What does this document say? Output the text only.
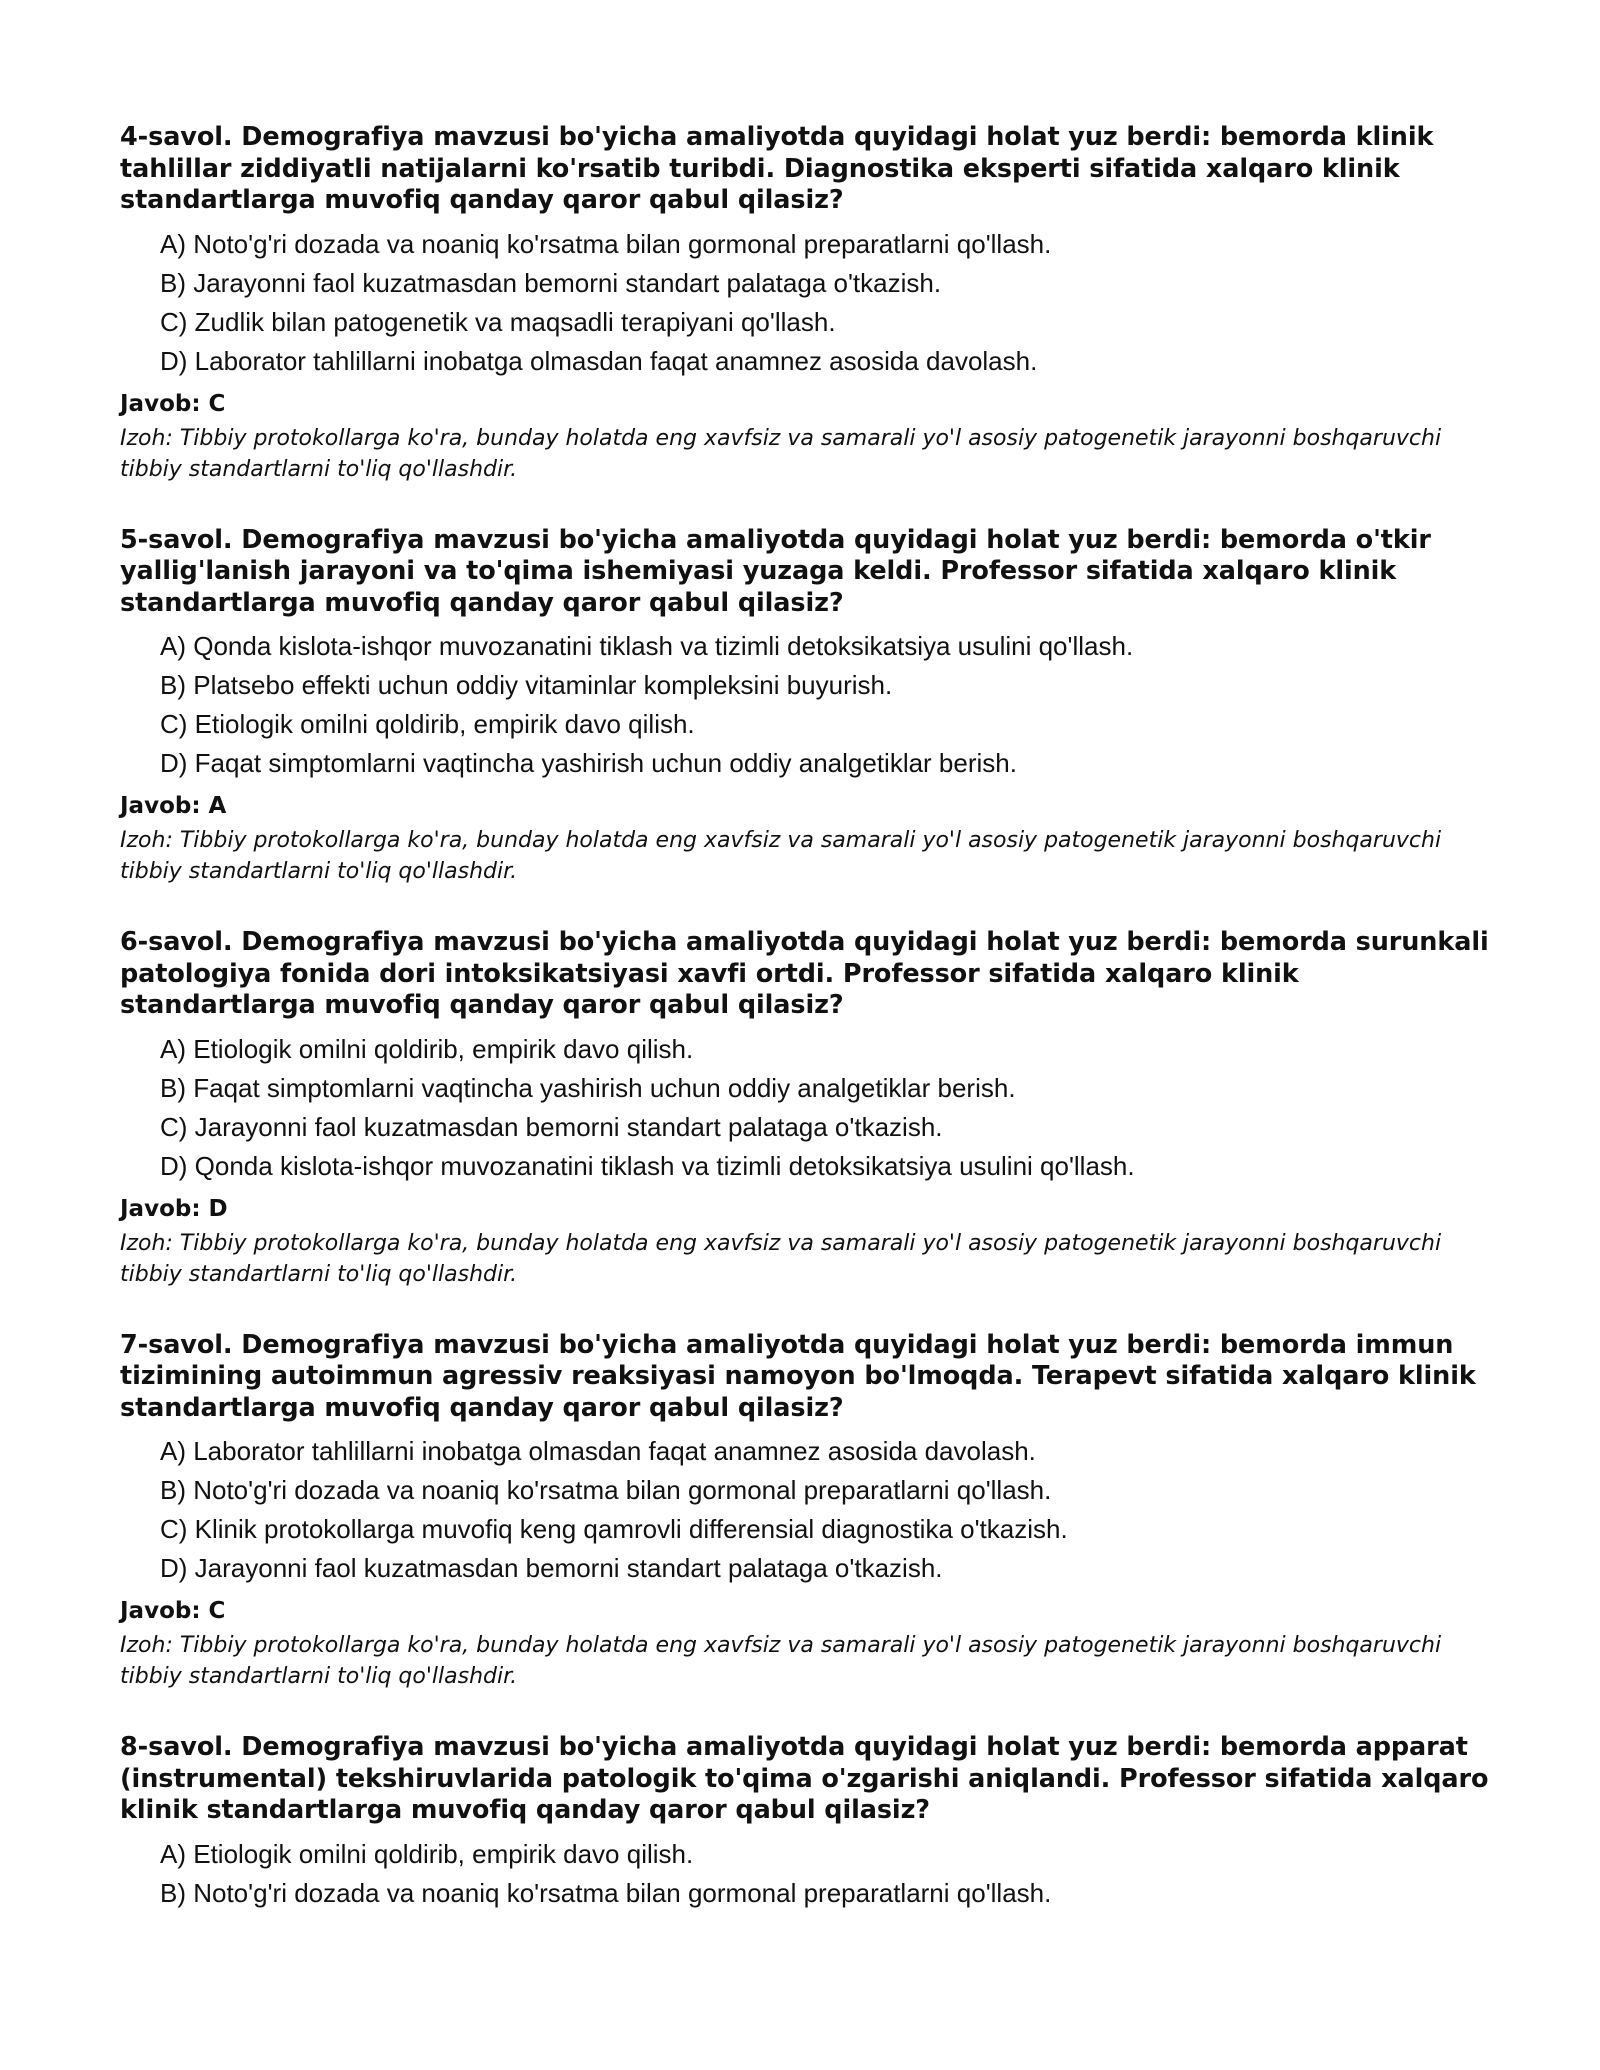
4-savol. Demografiya mavzusi bo'yicha amaliyotda quyidagi holat yuz berdi: bemorda klinik tahlillar ziddiyatli natijalarni ko'rsatib turibdi. Diagnostika eksperti sifatida xalqaro klinik standartlarga muvofiq qanday qaror qabul qilasiz?

A) Noto'g'ri dozada va noaniq ko'rsatma bilan gormonal preparatlarni qo'llash.
B) Jarayonni faol kuzatmasdan bemorni standart palataga o'tkazish.
C) Zudlik bilan patogenetik va maqsadli terapiyani qo'llash.
D) Laborator tahlillarni inobatga olmasdan faqat anamnez asosida davolash.

Javob: C

Izoh: Tibbiy protokollarga ko'ra, bunday holatda eng xavfsiz va samarali yo'l asosiy patogenetik jarayonni boshqaruvchi tibbiy standartlarni to'liq qo'llashdir.

5-savol. Demografiya mavzusi bo'yicha amaliyotda quyidagi holat yuz berdi: bemorda o'tkir yallig'lanish jarayoni va to'qima ishemiyasi yuzaga keldi. Professor sifatida xalqaro klinik standartlarga muvofiq qanday qaror qabul qilasiz?

A) Qonda kislota-ishqor muvozanatini tiklash va tizimli detoksikatsiya usulini qo'llash.
B) Platsebo effekti uchun oddiy vitaminlar kompleksini buyurish.
C) Etiologik omilni qoldirib, empirik davo qilish.
D) Faqat simptomlarni vaqtincha yashirish uchun oddiy analgetiklar berish.

Javob: A

Izoh: Tibbiy protokollarga ko'ra, bunday holatda eng xavfsiz va samarali yo'l asosiy patogenetik jarayonni boshqaruvchi tibbiy standartlarni to'liq qo'llashdir.

6-savol. Demografiya mavzusi bo'yicha amaliyotda quyidagi holat yuz berdi: bemorda surunkali patologiya fonida dori intoksikatsiyasi xavfi ortdi. Professor sifatida xalqaro klinik standartlarga muvofiq qanday qaror qabul qilasiz?

A) Etiologik omilni qoldirib, empirik davo qilish.
B) Faqat simptomlarni vaqtincha yashirish uchun oddiy analgetiklar berish.
C) Jarayonni faol kuzatmasdan bemorni standart palataga o'tkazish.
D) Qonda kislota-ishqor muvozanatini tiklash va tizimli detoksikatsiya usulini qo'llash.

Javob: D

Izoh: Tibbiy protokollarga ko'ra, bunday holatda eng xavfsiz va samarali yo'l asosiy patogenetik jarayonni boshqaruvchi tibbiy standartlarni to'liq qo'llashdir.

7-savol. Demografiya mavzusi bo'yicha amaliyotda quyidagi holat yuz berdi: bemorda immun tizimining autoimmun agressiv reaksiyasi namoyon bo'lmoqda. Terapevt sifatida xalqaro klinik standartlarga muvofiq qanday qaror qabul qilasiz?

A) Laborator tahlillarni inobatga olmasdan faqat anamnez asosida davolash.
B) Noto'g'ri dozada va noaniq ko'rsatma bilan gormonal preparatlarni qo'llash.
C) Klinik protokollarga muvofiq keng qamrovli differensial diagnostika o'tkazish.
D) Jarayonni faol kuzatmasdan bemorni standart palataga o'tkazish.

Javob: C

Izoh: Tibbiy protokollarga ko'ra, bunday holatda eng xavfsiz va samarali yo'l asosiy patogenetik jarayonni boshqaruvchi tibbiy standartlarni to'liq qo'llashdir.

8-savol. Demografiya mavzusi bo'yicha amaliyotda quyidagi holat yuz berdi: bemorda apparat (instrumental) tekshiruvlarida patologik to'qima o'zgarishi aniqlandi. Professor sifatida xalqaro klinik standartlarga muvofiq qanday qaror qabul qilasiz?

A) Etiologik omilni qoldirib, empirik davo qilish.
B) Noto'g'ri dozada va noaniq ko'rsatma bilan gormonal preparatlarni qo'llash.
